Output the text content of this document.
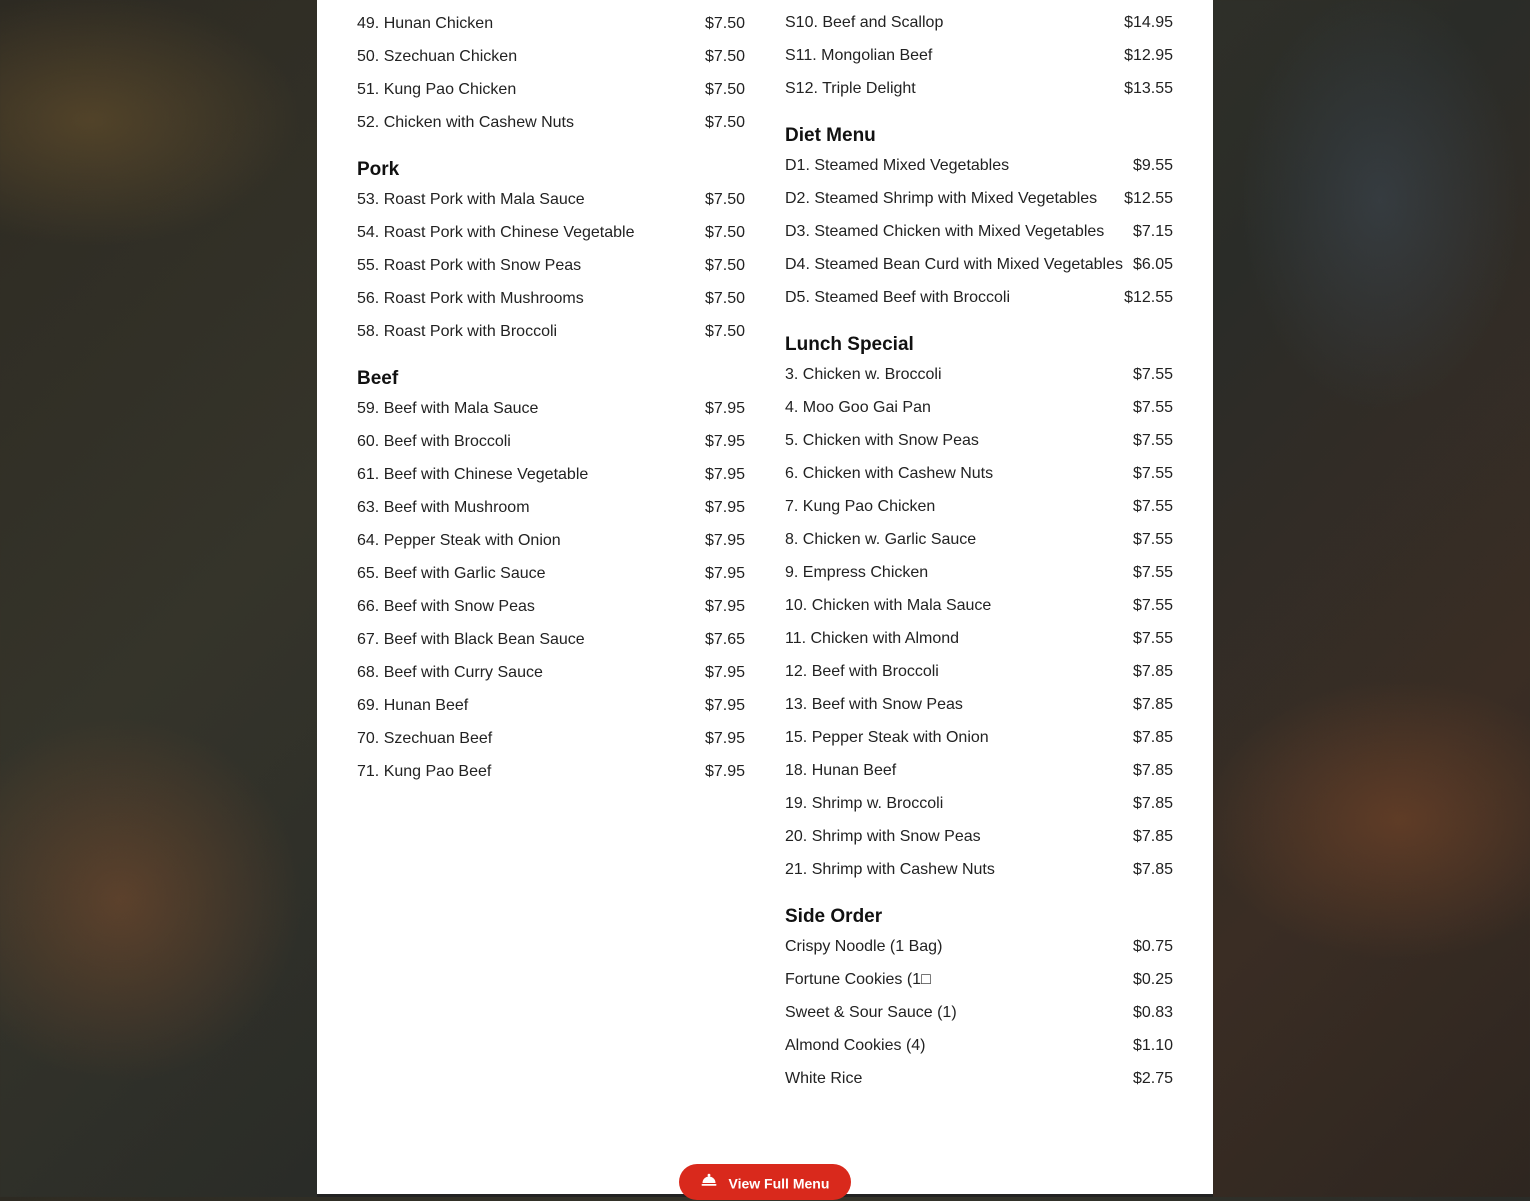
49. Hunan Chicken	$7.50
50. Szechuan Chicken	$7.50
51. Kung Pao Chicken	$7.50
52. Chicken with Cashew Nuts	$7.50
Pork
53. Roast Pork with Mala Sauce	$7.50
54. Roast Pork with Chinese Vegetable	$7.50
55. Roast Pork with Snow Peas	$7.50
56. Roast Pork with Mushrooms	$7.50
58. Roast Pork with Broccoli	$7.50
Beef
59. Beef with Mala Sauce	$7.95
60. Beef with Broccoli	$7.95
61. Beef with Chinese Vegetable	$7.95
63. Beef with Mushroom	$7.95
64. Pepper Steak with Onion	$7.95
65. Beef with Garlic Sauce	$7.95
66. Beef with Snow Peas	$7.95
67. Beef with Black Bean Sauce	$7.65
68. Beef with Curry Sauce	$7.95
69. Hunan Beef	$7.95
70. Szechuan Beef	$7.95
71. Kung Pao Beef	$7.95
S10. Beef and Scallop	$14.95
S11. Mongolian Beef	$12.95
S12. Triple Delight	$13.55
Diet Menu
D1. Steamed Mixed Vegetables	$9.55
D2. Steamed Shrimp with Mixed Vegetables $12.55
D3. Steamed Chicken with Mixed Vegetables $7.15
D4. Steamed Bean Curd with Mixed Vegetables $6.05
D5. Steamed Beef with Broccoli	$12.55
Lunch Special
3. Chicken w. Broccoli	$7.55
4. Moo Goo Gai Pan	$7.55
5. Chicken with Snow Peas	$7.55
6. Chicken with Cashew Nuts	$7.55
7. Kung Pao Chicken	$7.55
8. Chicken w. Garlic Sauce	$7.55
9. Empress Chicken	$7.55
10. Chicken with Mala Sauce	$7.55
11. Chicken with Almond	$7.55
12. Beef with Broccoli	$7.85
13. Beef with Snow Peas	$7.85
15. Pepper Steak with Onion	$7.85
18. Hunan Beef	$7.85
19. Shrimp w. Broccoli	$7.85
20. Shrimp with Snow Peas	$7.85
21. Shrimp with Cashew Nuts	$7.85
Side Order
Crispy Noodle (1 Bag)	$0.75
Fortune Cookies (1□	$0.25
Sweet & Sour Sauce (1)	$0.83
Almond Cookies (4)	$1.10
White Rice	$2.75
View Full Menu
